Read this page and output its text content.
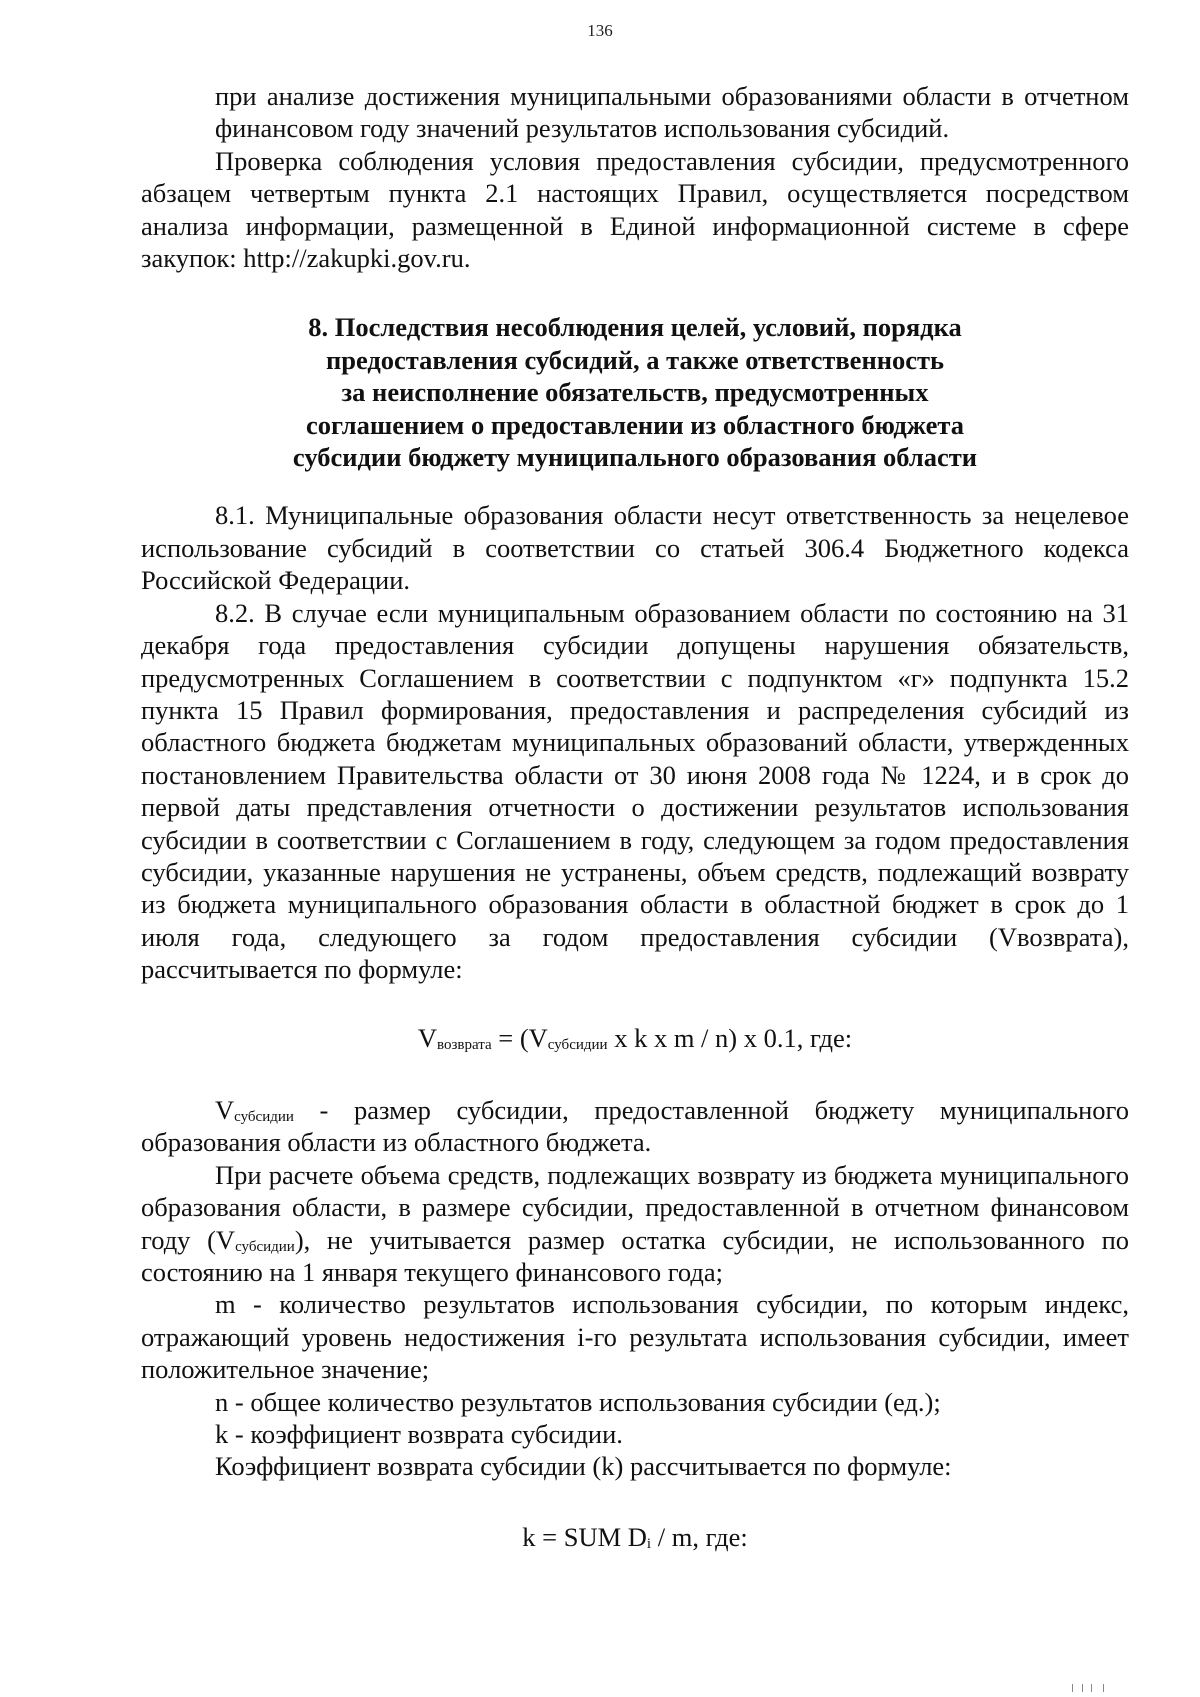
136

при анализе достижения муниципальными образованиями области в отчетном финансовом году значений результатов использования субсидий.

Проверка соблюдения условия предоставления субсидии, предусмотренного абзацем четвертым пункта 2.1 настоящих Правил, осуществляется посредством анализа информации, размещенной в Единой информационной системе в сфере закупок: http://zakupki.gov.ru.

8. Последствия несоблюдения целей, условий, порядка
предоставления субсидий, а также ответственность
за неисполнение обязательств, предусмотренных
соглашением о предоставлении из областного бюджета
субсидии бюджету муниципального образования области

8.1. Муниципальные образования области несут ответственность за нецелевое использование субсидий в соответствии со статьей 306.4 Бюджетного кодекса Российской Федерации.

8.2. В случае если муниципальным образованием области по состоянию на 31 декабря года предоставления субсидии допущены нарушения обязательств, предусмотренных Соглашением в соответствии с подпунктом «г» подпункта 15.2 пункта 15 Правил формирования, предоставления и распределения субсидий из областного бюджета бюджетам муниципальных образований области, утвержденных постановлением Правительства области от 30 июня 2008 года № 1224, и в срок до первой даты представления отчетности о достижении результатов использования субсидии в соответствии с Соглашением в году, следующем за годом предоставления субсидии, указанные нарушения не устранены, объем средств, подлежащий возврату из бюджета муниципального образования области в областной бюджет в срок до 1 июля года, следующего за годом предоставления субсидии (Vвозврата), рассчитывается по формуле:

$V_{возврата} = (V_{субсидии}$ x k x m / n) x 0.1, где:

$V_{субсидии}$ - размер субсидии, предоставленной бюджету муниципального образования области из областного бюджета.

При расчете объема средств, подлежащих возврату из бюджета муниципального образования области, в размере субсидии, предоставленной в отчетном финансовом году $(V_{субсидии})$, не учитывается размер остатка субсидии, не использованного по состоянию на 1 января текущего финансового года;

m - количество результатов использования субсидии, по которым индекс, отражающий уровень недостижения i-го результата использования субсидии, имеет положительное значение;

n - общее количество результатов использования субсидии (ед.);

k - коэффициент возврата субсидии.

Коэффициент возврата субсидии (k) рассчитывается по формуле:

k = SUM $D_i$ / m, где:
